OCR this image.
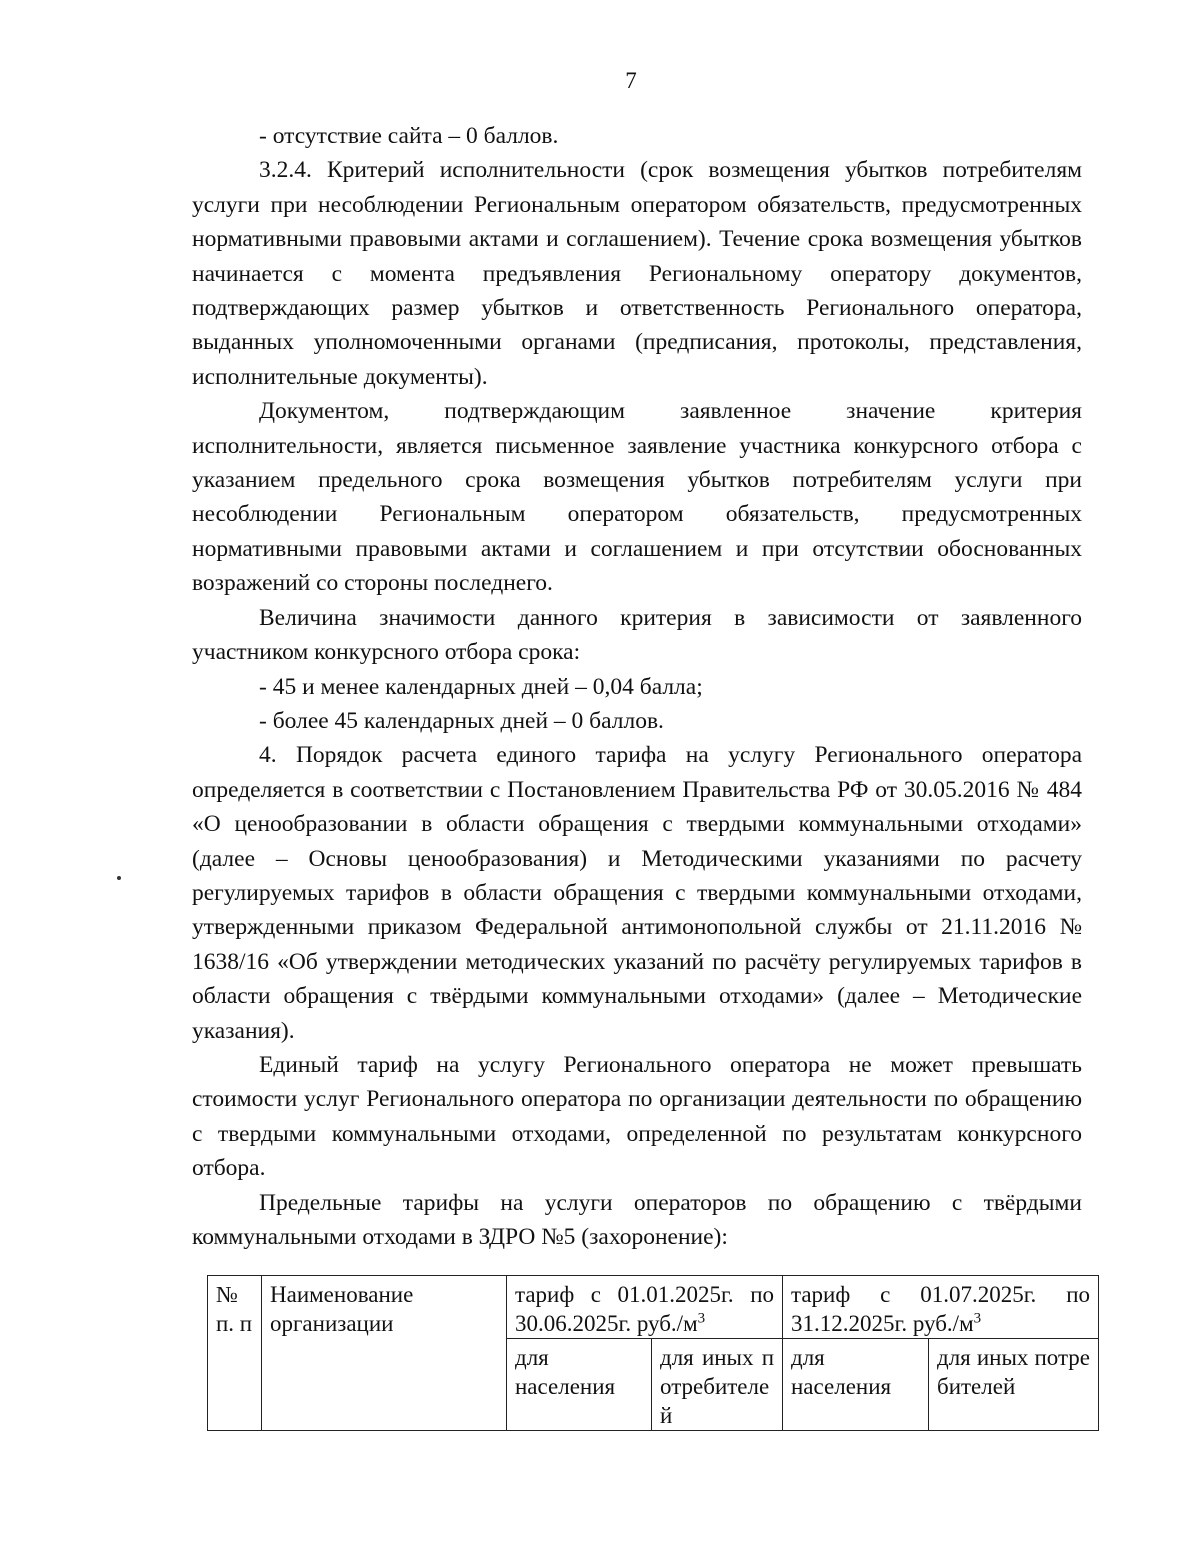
7

- отсутствие сайта – 0 баллов.

3.2.4. Критерий исполнительности (срок возмещения убытков потребителям услуги при несоблюдении Региональным оператором обязательств, предусмотренных нормативными правовыми актами и соглашением). Течение срока возмещения убытков начинается с момента предъявления Региональному оператору документов, подтверждающих размер убытков и ответственность Регионального оператора, выданных уполномоченными органами (предписания, протоколы, представления, исполнительные документы).

Документом, подтверждающим заявленное значение критерия исполнительности, является письменное заявление участника конкурсного отбора с указанием предельного срока возмещения убытков потребителям услуги при несоблюдении Региональным оператором обязательств, предусмотренных нормативными правовыми актами и соглашением и при отсутствии обоснованных возражений со стороны последнего.

Величина значимости данного критерия в зависимости от заявленного участником конкурсного отбора срока:

- 45 и менее календарных дней – 0,04 балла;

- более 45 календарных дней – 0 баллов.

4. Порядок расчета единого тарифа на услугу Регионального оператора определяется в соответствии с Постановлением Правительства РФ от 30.05.2016 № 484 «О ценообразовании в области обращения с твердыми коммунальными отходами» (далее – Основы ценообразования) и Методическими указаниями по расчету регулируемых тарифов в области обращения с твердыми коммунальными отходами, утвержденными приказом Федеральной антимонопольной службы от 21.11.2016 № 1638/16 «Об утверждении методических указаний по расчёту регулируемых тарифов в области обращения с твёрдыми коммунальными отходами» (далее – Методические указания).

Единый тариф на услугу Регионального оператора не может превышать стоимости услуг Регионального оператора по организации деятельности по обращению с твердыми коммунальными отходами, определенной по результатам конкурсного отбора.

Предельные тарифы на услуги операторов по обращению с твёрдыми коммунальными отходами в ЗДРО №5 (захоронение):

№ п. п	Наименование организации	тариф с 01.01.2025г. по 30.06.2025г. $руб./м^3$		тариф с 01.07.2025г. по 31.12.2025г. $руб./м^3$
		для населения	для иных потребителей	для населения	для иных потребителей
